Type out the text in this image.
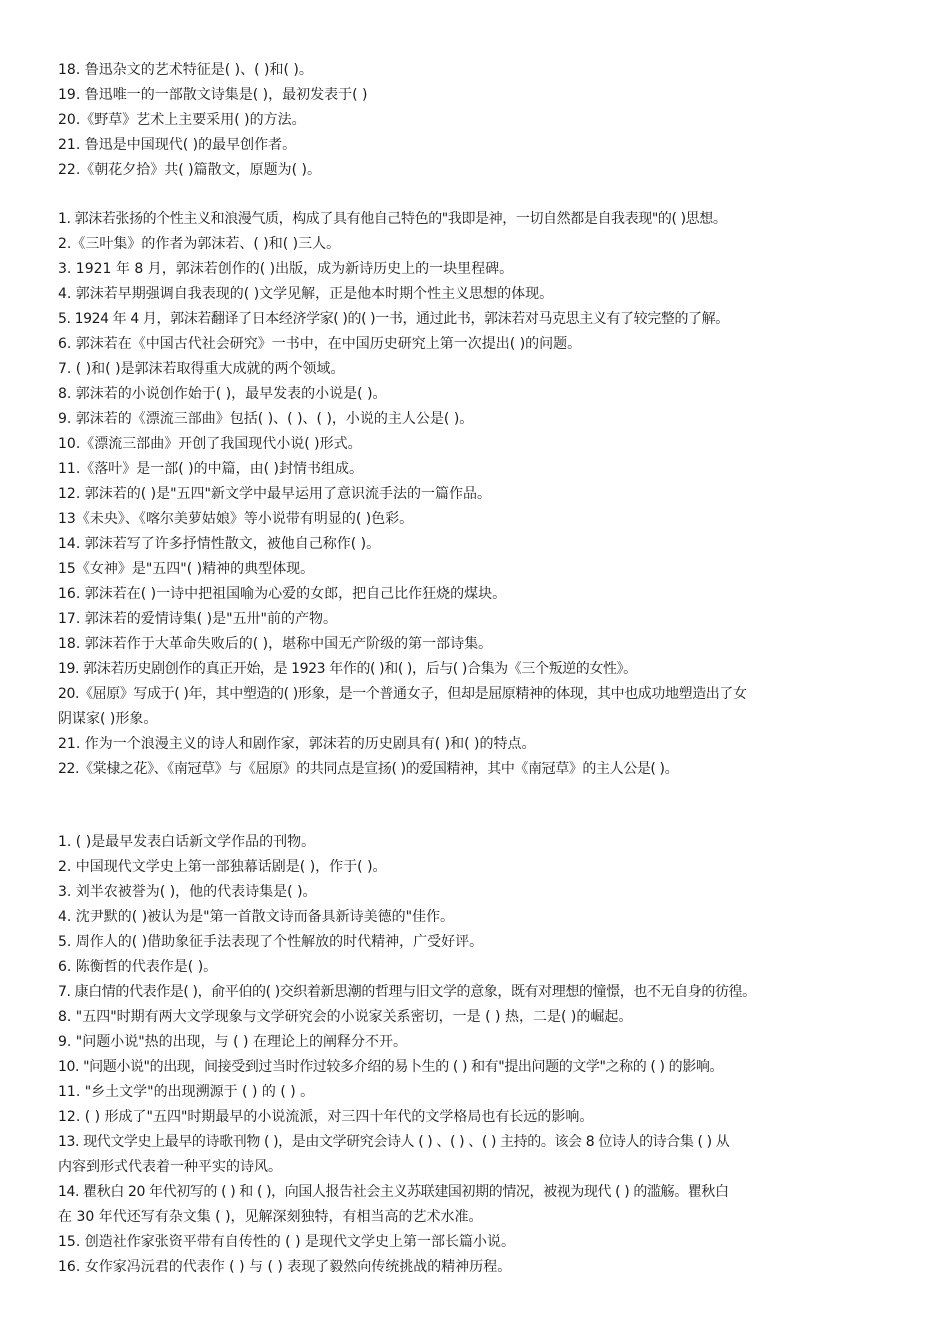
18. 鲁迅杂文的艺术特征是( )、( )和( )。
19. 鲁迅唯一的一部散文诗集是( )，最初发表于( )
20.《野草》艺术上主要采用( )的方法。
21. 鲁迅是中国现代( )的最早创作者。
22.《朝花夕拾》共( )篇散文，原题为( )。
1. 郭沫若张扬的个性主义和浪漫气质，构成了具有他自己特色的"我即是神，一切自然都是自我表现"的( )思想。
2.《三叶集》的作者为郭沫若、( )和( )三人。
3. 1921 年 8 月，郭沫若创作的( )出版，成为新诗历史上的一块里程碑。
4. 郭沫若早期强调自我表现的( )文学见解，正是他本时期个性主义思想的体现。
5. 1924 年 4 月，郭沫若翻译了日本经济学家( )的( )一书，通过此书，郭沫若对马克思主义有了较完整的了解。
6. 郭沫若在《中国古代社会研究》一书中，在中国历史研究上第一次提出( )的问题。
7. ( )和( )是郭沫若取得重大成就的两个领域。
8. 郭沫若的小说创作始于( )，最早发表的小说是( )。
9. 郭沫若的《漂流三部曲》包括( )、( )、( )，小说的主人公是( )。
10.《漂流三部曲》开创了我国现代小说( )形式。
11.《落叶》是一部( )的中篇，由( )封情书组成。
12. 郭沫若的( )是"五四"新文学中最早运用了意识流手法的一篇作品。
13《未央》、《喀尔美萝姑娘》等小说带有明显的( )色彩。
14. 郭沫若写了许多抒情性散文，被他自己称作( )。
15《女神》是"五四"( )精神的典型体现。
16. 郭沫若在( )一诗中把祖国喻为心爱的女郎，把自己比作狂烧的煤块。
17. 郭沫若的爱情诗集( )是"五卅"前的产物。
18. 郭沫若作于大革命失败后的( )，堪称中国无产阶级的第一部诗集。
19. 郭沫若历史剧创作的真正开始，是 1923 年作的( )和( )，后与( )合集为《三个叛逆的女性》。
20.《屈原》写成于( )年，其中塑造的( )形象，是一个普通女子，但却是屈原精神的体现，其中也成功地塑造出了女
阴谋家( )形象。
21. 作为一个浪漫主义的诗人和剧作家，郭沫若的历史剧具有( )和( )的特点。
22.《棠棣之花》、《南冠草》与《屈原》的共同点是宣扬( )的爱国精神，其中《南冠草》的主人公是( )。
1. ( )是最早发表白话新文学作品的刊物。
2. 中国现代文学史上第一部独幕话剧是( )，作于( )。
3. 刘半农被誉为( )，他的代表诗集是( )。
4. 沈尹默的( )被认为是"第一首散文诗而备具新诗美德的"佳作。
5. 周作人的( )借助象征手法表现了个性解放的时代精神，广受好评。
6. 陈衡哲的代表作是( )。
7. 康白情的代表作是( )，俞平伯的( )交织着新思潮的哲理与旧文学的意象，既有对理想的憧憬，也不无自身的彷徨。
8. "五四"时期有两大文学现象与文学研究会的小说家关系密切，一是 ( ) 热，二是( )的崛起。
9. "问题小说"热的出现，与 ( ) 在理论上的阐释分不开。
10. "问题小说"的出现，间接受到过当时作过较多介绍的易卜生的 ( ) 和有"提出问题的文学"之称的 ( ) 的影响。
11. "乡土文学"的出现溯源于 ( ) 的 ( ) 。
12. ( ) 形成了"五四"时期最早的小说流派，对三四十年代的文学格局也有长远的影响。
13. 现代文学史上最早的诗歌刊物 ( )，是由文学研究会诗人 ( ) 、( ) 、( ) 主持的。该会 8 位诗人的诗合集 ( ) 从
内容到形式代表着一种平实的诗风。
14. 瞿秋白 20 年代初写的 ( ) 和 ( )，向国人报告社会主义苏联建国初期的情况，被视为现代 ( ) 的滥觞。瞿秋白
在 30 年代还写有杂文集 ( )，见解深刻独特，有相当高的艺术水准。
15. 创造社作家张资平带有自传性的 ( ) 是现代文学史上第一部长篇小说。
16. 女作家冯沅君的代表作 ( ) 与 ( ) 表现了毅然向传统挑战的精神历程。
